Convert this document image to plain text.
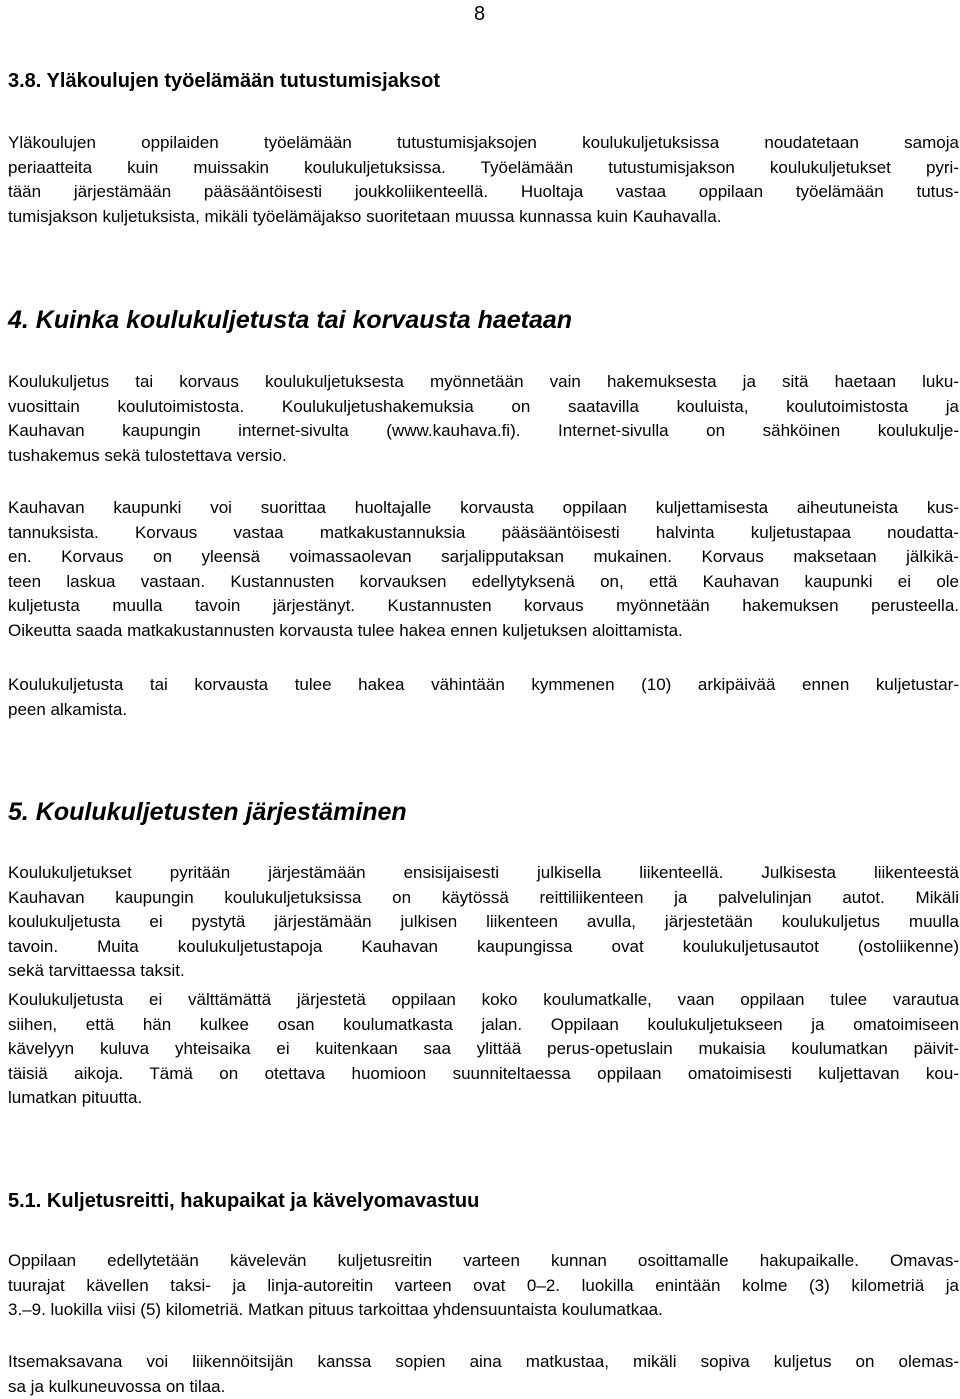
8
3.8. Yläkoulujen työelämään tutustumisjaksot

Yläkoulujen oppilaiden työelämään tutustumisjaksojen koulukuljetuksissa noudatetaan samoja
periaatteita kuin muissakin koulukuljetuksissa. Työelämään tutustumisjakson koulukuljetukset pyri-
tään järjestämään pääsääntöisesti joukkoliikenteellä. Huoltaja vastaa oppilaan työelämään tutus-
tumisjakson kuljetuksista, mikäli työelämäjakso suoritetaan muussa kunnassa kuin Kauhavalla.

4. Kuinka koulukuljetusta tai korvausta haetaan

Koulukuljetus tai korvaus koulukuljetuksesta myönnetään vain hakemuksesta ja sitä haetaan luku-
vuosittain koulutoimistosta. Koulukuljetushakemuksia on saatavilla kouluista, koulutoimistosta ja
Kauhavan kaupungin internet-sivulta (www.kauhava.fi). Internet-sivulla on sähköinen koulukulje-
tushakemus sekä tulostettava versio.

Kauhavan kaupunki voi suorittaa huoltajalle korvausta oppilaan kuljettamisesta aiheutuneista kus-
tannuksista. Korvaus vastaa matkakustannuksia pääsääntöisesti halvinta kuljetustapaa noudatta-
en. Korvaus on yleensä voimassaolevan sarjalipputaksan mukainen. Korvaus maksetaan jälkikä-
teen laskua vastaan. Kustannusten korvauksen edellytyksenä on, että Kauhavan kaupunki ei ole
kuljetusta muulla tavoin järjestänyt. Kustannusten korvaus myönnetään hakemuksen perusteella.
Oikeutta saada matkakustannusten korvausta tulee hakea ennen kuljetuksen aloittamista.

Koulukuljetusta tai korvausta tulee hakea vähintään kymmenen (10) arkipäivää ennen kuljetustar-
peen alkamista.

5. Koulukuljetusten järjestäminen

Koulukuljetukset pyritään järjestämään ensisijaisesti julkisella liikenteellä. Julkisesta liikenteestä
Kauhavan kaupungin koulukuljetuksissa on käytössä reittiliikenteen ja palvelulinjan autot. Mikäli
koulukuljetusta ei pystytä järjestämään julkisen liikenteen avulla, järjestetään koulukuljetus muulla
tavoin. Muita koulukuljetustapoja Kauhavan kaupungissa ovat koulukuljetusautot (ostoliikenne)
sekä tarvittaessa taksit.

Koulukuljetusta ei välttämättä järjestetä oppilaan koko koulumatkalle, vaan oppilaan tulee varautua
siihen, että hän kulkee osan koulumatkasta jalan. Oppilaan koulukuljetukseen ja omatoimiseen
kävelyyn kuluva yhteisaika ei kuitenkaan saa ylittää perus-opetuslain mukaisia koulumatkan päivit-
täisiä aikoja. Tämä on otettava huomioon suunniteltaessa oppilaan omatoimisesti kuljettavan kou-
lumatkan pituutta.

5.1. Kuljetusreitti, hakupaikat ja kävelyomavastuu

Oppilaan edellytetään kävelevän kuljetusreitin varteen kunnan osoittamalle hakupaikalle. Omavas-
tuurajat kävellen taksi- ja linja-autoreitin varteen ovat 0–2. luokilla enintään kolme (3) kilometriä ja
3.–9. luokilla viisi (5) kilometriä. Matkan pituus tarkoittaa yhdensuuntaista koulumatkaa.

Itsemaksavana voi liikennöitsijän kanssa sopien aina matkustaa, mikäli sopiva kuljetus on olemas-
sa ja kulkuneuvossa on tilaa.
